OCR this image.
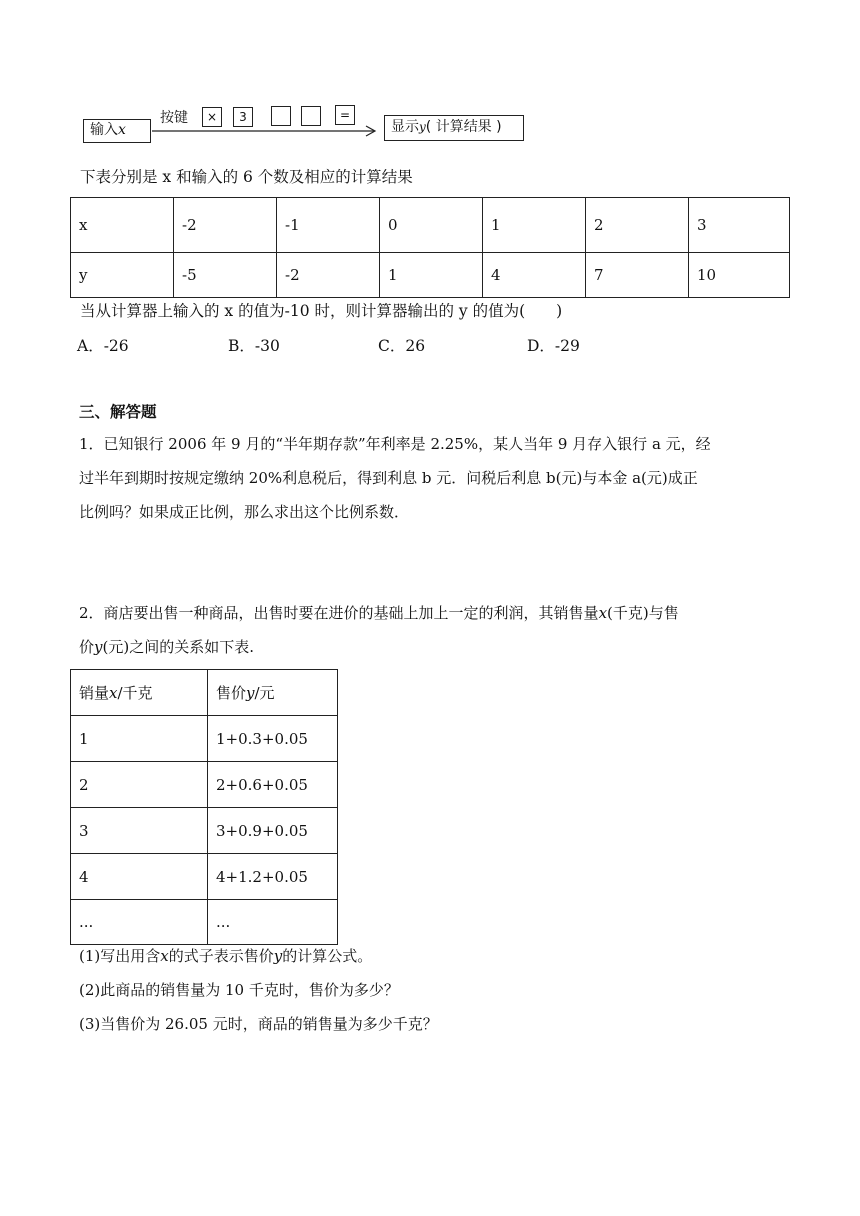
输入x
按键	×	3	=
显示y( 计算结果 )
下表分别是 x 和输入的 6 个数及相应的计算结果
x	-2	-1	0	1	2	3
y	-5	-2	1	4	7	10
当从计算器上输入的 x 的值为-10 时，则计算器输出的 y 的值为(　　)
A．-26	B．-30	C．26	D．-29
三、解答题
1．已知银行 2006 年 9 月的“半年期存款”年利率是 2.25%，某人当年 9 月存入银行 a 元，经
过半年到期时按规定缴纳 20%利息税后，得到利息 b 元．问税后利息 b(元)与本金 a(元)成正
比例吗？如果成正比例，那么求出这个比例系数．
2．商店要出售一种商品，出售时要在进价的基础上加上一定的利润，其销售量x(千克)与售
价y(元)之间的关系如下表.
销量x/千克	售价y/元
1	1+0.3+0.05
2	2+0.6+0.05
3	3+0.9+0.05
4	4+1.2+0.05
...	...
(1)写出用含x的式子表示售价y的计算公式。
(2)此商品的销售量为 10 千克时，售价为多少？
(3)当售价为 26.05 元时，商品的销售量为多少千克？
